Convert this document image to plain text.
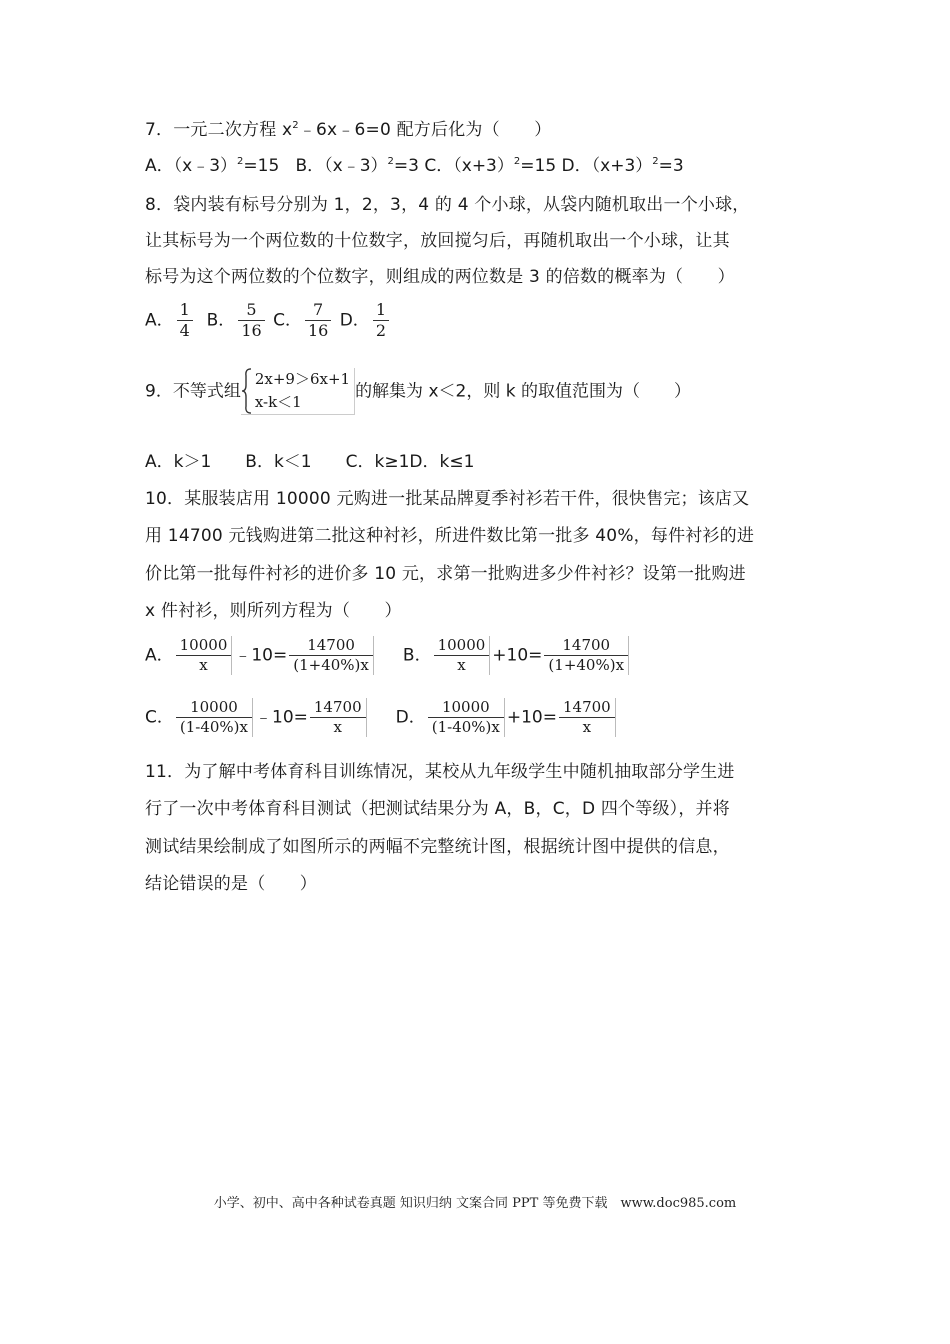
7．一元二次方程 $x^2﹣6x﹣6=0$ 配方后化为（　　）
A．（x﹣3）$^2$=15 B．（x﹣3）$^2$=3 C．$(x+3)^2=15$ D．$(x+3)^2=3$
8．袋内装有标号分别为 1，2，3，4 的 4 个小球，从袋内随机取出一个小球，
让其标号为一个两位数的十位数字，放回搅匀后，再随机取出一个小球，让其
标号为这个两位数的个位数字，则组成的两位数是 3 的倍数的概率为（　　）
A． $\frac{1}{4}$ B． $\frac{5}{16}$ C． $\frac{7}{16}$ D． $\frac{1}{2}$
9．不等式组
2x+9＞6x+1
x-k＜1
的解集为 x＜2，则 k 的取值范围为（　　）
A．k＞1　　B．k＜1　　C．k≥1D．k≤1
10．某服装店用 10000 元购进一批某品牌夏季衬衫若干件，很快售完；该店又
用 14700 元钱购进第二批这种衬衫，所进件数比第一批多 40%，每件衬衫的进
价比第一批每件衬衫的进价多 10 元，求第一批购进多少件衬衫？设第一批购进
x 件衬衫，则所列方程为（　　）
A． $\frac{10000}{x}$ ﹣10= $\frac{14700}{(1+40\%)x}$ B． $\frac{10000}{x} +10= \frac{14700}{(1+40\%)x}$
C． $\frac{10000}{(1-40\%)x}$ ﹣10= $\frac{14700}{x}$ D． $\frac{10000}{(1-40\%)x} +10= \frac{14700}{x}$
11．为了解中考体育科目训练情况，某校从九年级学生中随机抽取部分学生进
行了一次中考体育科目测试（把测试结果分为 A，B，C，D 四个等级），并将
测试结果绘制成了如图所示的两幅不完整统计图，根据统计图中提供的信息，
结论错误的是（　　）
小学、初中、高中各种试卷真题 知识归纳 文案合同 PPT 等免费下载　www.doc985.com
